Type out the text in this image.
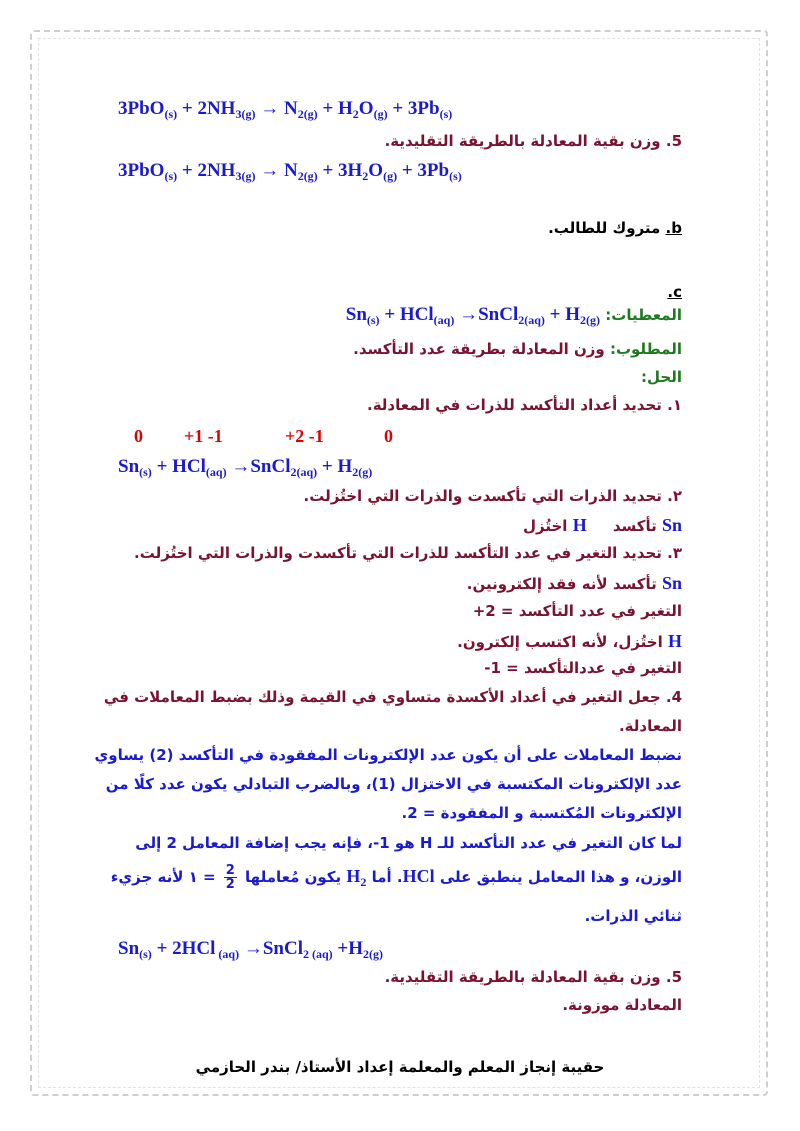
$3PbO_{(s)} + 2NH_{3(g)} \to N_{2(g)} + H_2O_{(g)} + 3Pb_{(s)}$
5. وزن بقية المعادلة بالطريقة التقليدية.
$3PbO_{(s)} + 2NH_{3(g)} \to N_{2(g)} + 3H_2O_{(g)} + 3Pb_{(s)}$
b. متروك للطالب.
c.
المعطيات: $Sn_{(s)} + HCl_{(aq)}$ →SnCl$_{2(aq)}$ + $H_{2(g)}$
المطلوب: وزن المعادلة بطريقة عدد التأكسد.
الحل:
١. تحديد أعداد التأكسد للذرات في المعادلة.
0 +1 -1	+2 -1	0
$Sn_{(s)} + HCl_{(aq)}$ →SnCl$_{2(aq)}$ + $H_{2(g)}$
٢. تحديد الذرات التي تأكسدت والذرات التي اختُزلت.
Sn تأكسد     H اختُزل
٣. تحديد التغير في عدد التأكسد للذرات التي تأكسدت والذرات التي اختُزلت.
Sn تأكسد لأنه فقد إلكترونين.
التغير في عدد التأكسد = 2+
H اختُزل، لأنه اكتسب إلكترون.
التغير في عددالتأكسد = 1-
4. جعل التغير في أعداد الأكسدة متساوي في القيمة وذلك بضبط المعاملات في
المعادلة.
نضبط المعاملات على أن يكون عدد الإلكترونات المفقودة في التأكسد (2) يساوي
عدد الإلكترونات المكتسبة في الاختزال (1)، وبالضرب التبادلي يكون عدد كلًا من
الإلكترونات المُكتسبة و المفقودة = 2.
لما كان التغير في عدد التأكسد للـ H هو 1-، فإنه يجب إضافة المعامل 2 إلى
الوزن، و هذا المعامل ينطبق على HCl. أما $H_2$ يكون مُعاملها
$\frac{2}{2}$
= ١ لأنه جزيء
ثنائي الذرات.
$Sn_{(s)} + 2HCl$ $_{(aq)}$ →SnCl$_{2 (aq)}$ $+H_{2(g)}$
5. وزن بقية المعادلة بالطريقة التقليدية.
المعادلة موزونة.
حقيبة إنجاز المعلم والمعلمة إعداد الأستاذ/ بندر الحازمي
